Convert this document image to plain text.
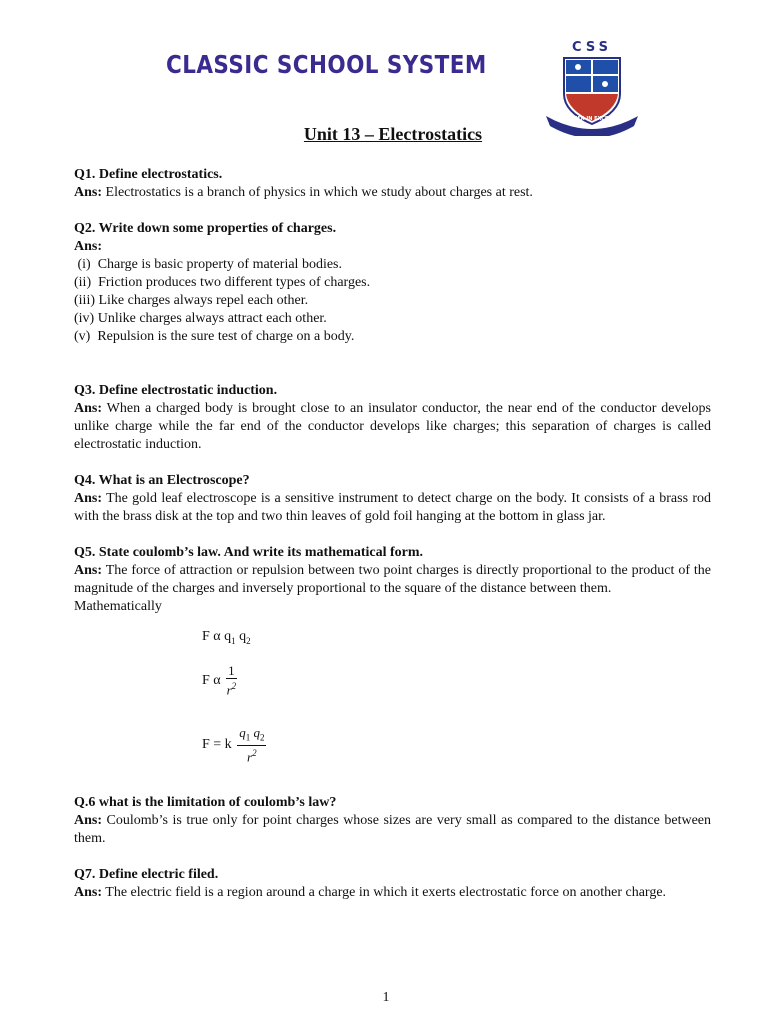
CLASSIC SCHOOL SYSTEM
CSS
TOGETHER IN EXCELLENCE
Unit 13 – Electrostatics

Q1. Define electrostatics.

Ans: Electrostatics is a branch of physics in which we study about charges at rest.

Q2. Write down some properties of charges.

Ans:

(i)  Charge is basic property of material bodies.

(ii)  Friction produces two different types of charges.

(iii) Like charges always repel each other.

(iv) Unlike charges always attract each other.

(v)  Repulsion is the sure test of charge on a body.

Q3. Define electrostatic induction.

Ans: When a charged body is brought close to an insulator conductor, the near end of the conductor develops unlike charge while the far end of the conductor develops like charges; this separation of charges is called electrostatic induction.

Q4. What is an Electroscope?

Ans: The gold leaf electroscope is a sensitive instrument to detect charge on the body. It consists of a brass rod with the brass disk at the top and two thin leaves of gold foil hanging at the bottom in glass jar.

Q5. State coulomb’s law. And write its mathematical form.

Ans: The force of attraction or repulsion between two point charges is directly proportional to the product of the magnitude of the charges and inversely proportional to the square of the distance between them.

Mathematically

F α $q_1$ $q_2$
F α $\frac{1}{r^2}$
F = k $\frac{q_1 q_2}{r^2}$

Q.6 what is the limitation of coulomb’s law?

Ans: Coulomb’s is true only for point charges whose sizes are very small as compared to the distance between them.

Q7. Define electric filed.

Ans: The electric field is a region around a charge in which it exerts electrostatic force on another charge.

1
